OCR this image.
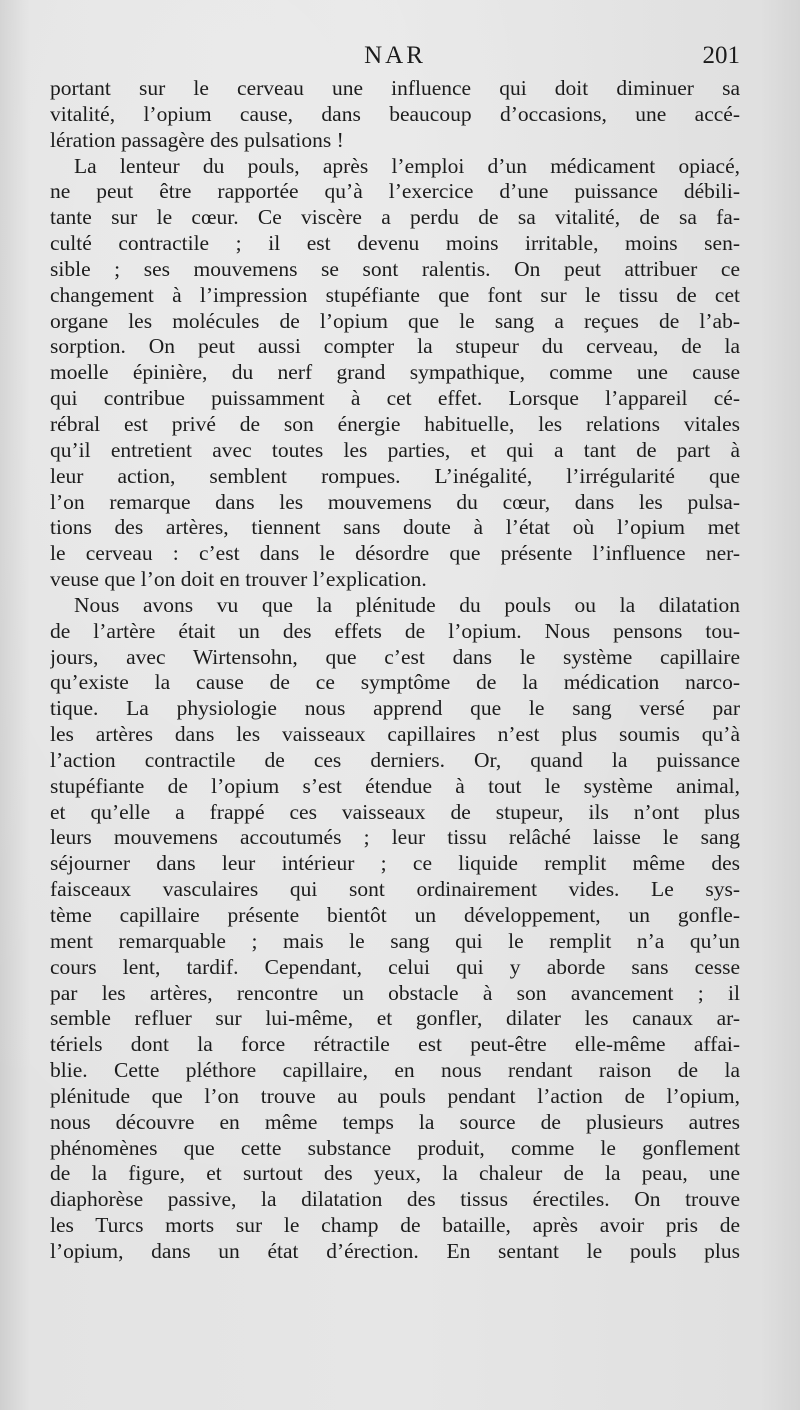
NAR	201
portant sur le cerveau une influence qui doit diminuer sa
vitalité, l’opium cause, dans beaucoup d’occasions, une accé-
lération passagère des pulsations !
La lenteur du pouls, après l’emploi d’un médicament opiacé,
ne peut être rapportée qu’à l’exercice d’une puissance débili-
tante sur le cœur. Ce viscère a perdu de sa vitalité, de sa fa-
culté contractile ; il est devenu moins irritable, moins sen-
sible ; ses mouvemens se sont ralentis. On peut attribuer ce
changement à l’impression stupéfiante que font sur le tissu de cet
organe les molécules de l’opium que le sang a reçues de l’ab-
sorption. On peut aussi compter la stupeur du cerveau, de la
moelle épinière, du nerf grand sympathique, comme une cause
qui contribue puissamment à cet effet. Lorsque l’appareil cé-
rébral est privé de son énergie habituelle, les relations vitales
qu’il entretient avec toutes les parties, et qui a tant de part à
leur action, semblent rompues. L’inégalité, l’irrégularité que
l’on remarque dans les mouvemens du cœur, dans les pulsa-
tions des artères, tiennent sans doute à l’état où l’opium met
le cerveau : c’est dans le désordre que présente l’influence ner-
veuse que l’on doit en trouver l’explication.
Nous avons vu que la plénitude du pouls ou la dilatation
de l’artère était un des effets de l’opium. Nous pensons tou-
jours, avec Wirtensohn, que c’est dans le système capillaire
qu’existe la cause de ce symptôme de la médication narco-
tique. La physiologie nous apprend que le sang versé par
les artères dans les vaisseaux capillaires n’est plus soumis qu’à
l’action contractile de ces derniers. Or, quand la puissance
stupéfiante de l’opium s’est étendue à tout le système animal,
et qu’elle a frappé ces vaisseaux de stupeur, ils n’ont plus
leurs mouvemens accoutumés ; leur tissu relâché laisse le sang
séjourner dans leur intérieur ; ce liquide remplit même des
faisceaux vasculaires qui sont ordinairement vides. Le sys-
tème capillaire présente bientôt un développement, un gonfle-
ment remarquable ; mais le sang qui le remplit n’a qu’un
cours lent, tardif. Cependant, celui qui y aborde sans cesse
par les artères, rencontre un obstacle à son avancement ; il
semble refluer sur lui-même, et gonfler, dilater les canaux ar-
tériels dont la force rétractile est peut-être elle-même affai-
blie. Cette pléthore capillaire, en nous rendant raison de la
plénitude que l’on trouve au pouls pendant l’action de l’opium,
nous découvre en même temps la source de plusieurs autres
phénomènes que cette substance produit, comme le gonflement
de la figure, et surtout des yeux, la chaleur de la peau, une
diaphorèse passive, la dilatation des tissus érectiles. On trouve
les Turcs morts sur le champ de bataille, après avoir pris de
l’opium, dans un état d’érection. En sentant le pouls plus
